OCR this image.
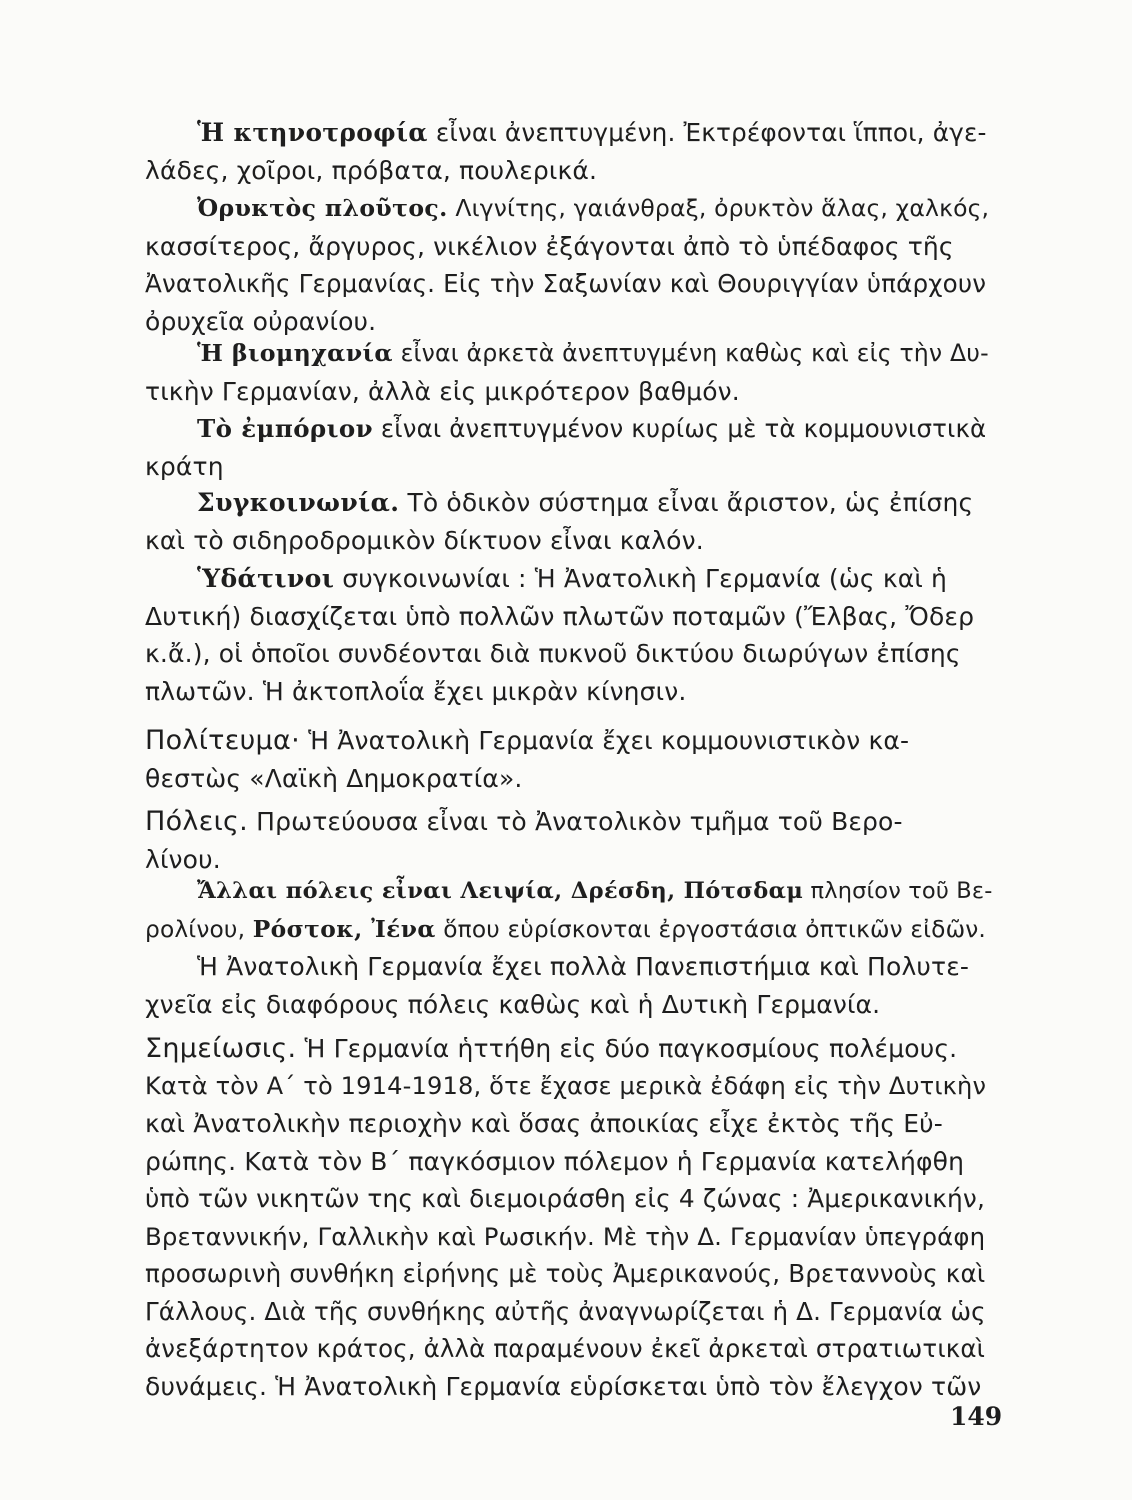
Ἡ κτηνοτροφία εἶναι ἀνεπτυγμένη. Ἐκτρέφονται ἵπποι, ἀγε-
λάδες, χοῖροι, πρόβατα, πουλερικά.
Ὀρυκτὸς πλοῦτος. Λιγνίτης, γαιάνθραξ, ὀρυκτὸν ἅλας, χαλκός,
κασσίτερος, ἄργυρος, νικέλιον ἐξάγονται ἀπὸ τὸ ὑπέδαφος τῆς
Ἀνατολικῆς Γερμανίας. Εἰς τὴν Σαξωνίαν καὶ Θουριγγίαν ὑπάρχουν
ὀρυχεῖα οὐρανίου.
Ἡ βιομηχανία εἶναι ἀρκετὰ ἀνεπτυγμένη καθὼς καὶ εἰς τὴν Δυ-
τικὴν Γερμανίαν, ἀλλὰ εἰς μικρότερον βαθμόν.
Τὸ ἐμπόριον εἶναι ἀνεπτυγμένον κυρίως μὲ τὰ κομμουνιστικὰ
κράτη
Συγκοινωνία. Τὸ ὁδικὸν σύστημα εἶναι ἄριστον, ὡς ἐπίσης
καὶ τὸ σιδηροδρομικὸν δίκτυον εἶναι καλόν.
Ὑδάτινοι συγκοινωνίαι : Ἡ Ἀνατολικὴ Γερμανία (ὡς καὶ ἡ
Δυτική) διασχίζεται ὑπὸ πολλῶν πλωτῶν ποταμῶν (Ἔλβας, Ὄδερ
κ.ἄ.), οἱ ὁποῖοι συνδέονται διὰ πυκνοῦ δικτύου διωρύγων ἐπίσης
πλωτῶν. Ἡ ἀκτοπλοΐα ἔχει μικρὰν κίνησιν.
Πολίτευμα· Ἡ Ἀνατολικὴ Γερμανία ἔχει κομμουνιστικὸν κα-
θεστὼς «Λαϊκὴ Δημοκρατία».
Πόλεις. Πρωτεύουσα εἶναι τὸ Ἀνατολικὸν τμῆμα τοῦ Βερο-
λίνου.
Ἄλλαι πόλεις εἶναι Λειψία, Δρέσδη, Πότσδαμ πλησίον τοῦ Βε-
ρολίνου, Ρόστοκ, Ἰένα ὅπου εὑρίσκονται ἐργοστάσια ὀπτικῶν εἰδῶν.
Ἡ Ἀνατολικὴ Γερμανία ἔχει πολλὰ Πανεπιστήμια καὶ Πολυτε-
χνεῖα εἰς διαφόρους πόλεις καθὼς καὶ ἡ Δυτικὴ Γερμανία.
Σημείωσις. Ἡ Γερμανία ἡττήθη εἰς δύο παγκοσμίους πολέμους.
Κατὰ τὸν Α΄ τὸ 1914-1918, ὅτε ἔχασε μερικὰ ἐδάφη εἰς τὴν Δυτικὴν
καὶ Ἀνατολικὴν περιοχὴν καὶ ὅσας ἀποικίας εἶχε ἐκτὸς τῆς Εὐ-
ρώπης. Κατὰ τὸν Β΄ παγκόσμιον πόλεμον ἡ Γερμανία κατελήφθη
ὑπὸ τῶν νικητῶν της καὶ διεμοιράσθη εἰς 4 ζώνας : Ἀμερικανικήν,
Βρεταννικήν, Γαλλικὴν καὶ Ρωσικήν. Μὲ τὴν Δ. Γερμανίαν ὑπεγράφη
προσωρινὴ συνθήκη εἰρήνης μὲ τοὺς Ἀμερικανούς, Βρεταννοὺς καὶ
Γάλλους. Διὰ τῆς συνθήκης αὐτῆς ἀναγνωρίζεται ἡ Δ. Γερμανία ὡς
ἀνεξάρτητον κράτος, ἀλλὰ παραμένουν ἐκεῖ ἀρκεταὶ στρατιωτικαὶ
δυνάμεις. Ἡ Ἀνατολικὴ Γερμανία εὑρίσκεται ὑπὸ τὸν ἔλεγχον τῶν
149
